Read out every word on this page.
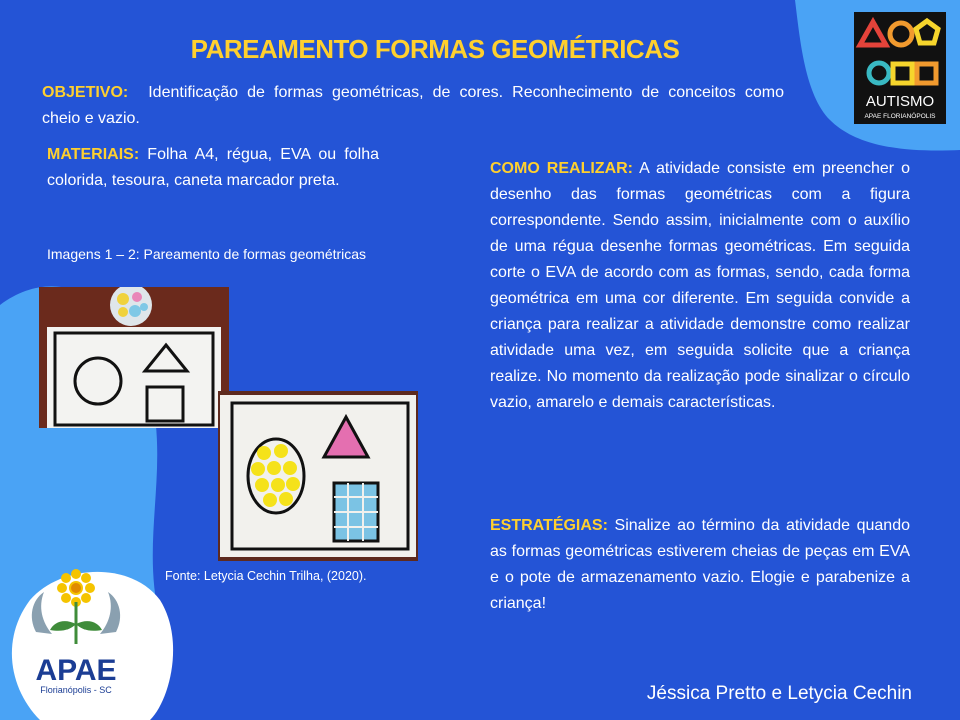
PAREAMENTO FORMAS GEOMÉTRICAS
OBJETIVO: Identificação de formas geométricas, de cores. Reconhecimento de conceitos como cheio e vazio.
MATERIAIS: Folha A4, régua, EVA ou folha colorida, tesoura, caneta marcador preta.
Imagens 1 – 2: Pareamento de formas geométricas
Fonte: Letycia Cechin Trilha, (2020).
COMO REALIZAR: A atividade consiste em preencher o desenho das formas geométricas com a figura correspondente. Sendo assim, inicialmente com o auxílio de uma régua desenhe formas geométricas. Em seguida corte o EVA de acordo com as formas, sendo, cada forma geométrica em uma cor diferente. Em seguida convide a criança para realizar a atividade demonstre como realizar atividade uma vez, em seguida solicite que a criança realize. No momento da realização pode sinalizar o círculo vazio, amarelo e demais características.
ESTRATÉGIAS: Sinalize ao término da atividade quando as formas geométricas estiverem cheias de peças em EVA e o pote de armazenamento vazio. Elogie e parabenize a criança!
Jéssica Pretto e Letycia Cechin
AUTISMO
APAE FLORIANÓPOLIS
APAE
Florianópolis - SC
